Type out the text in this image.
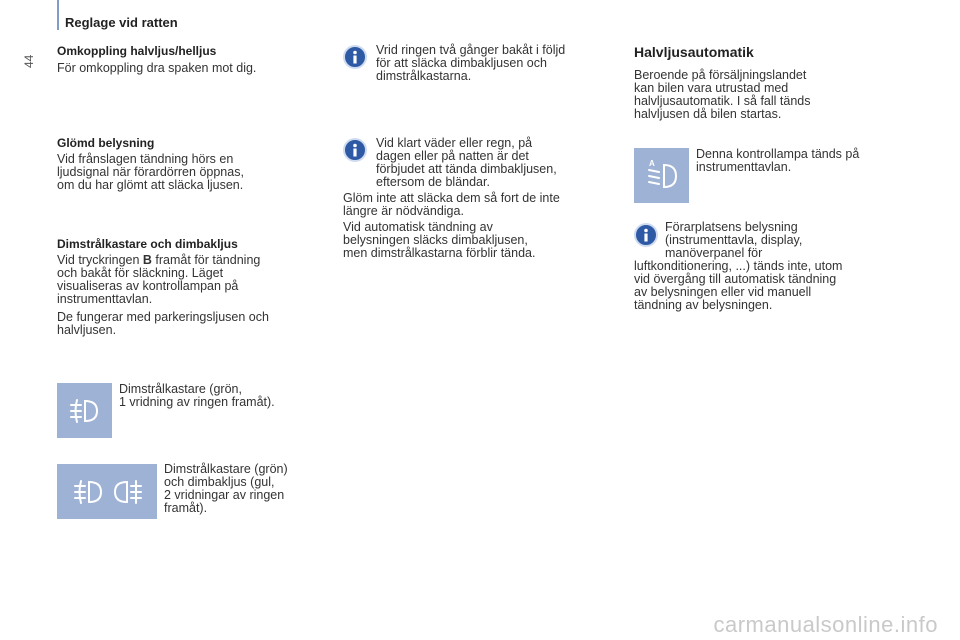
44
Reglage vid ratten
Omkoppling halvljus/helljus
För omkoppling dra spaken mot dig.
Glömd belysning
Vid frånslagen tändning hörs en
ljudsignal när förardörren öppnas,
om du har glömt att släcka ljusen.
Dimstrålkastare och dimbakljus
Vid tryckringen B framåt för tändning
och bakåt för släckning. Läget
visualiseras av kontrollampan på
instrumenttavlan.
De fungerar med parkeringsljusen och
halvljusen.
Dimstrålkastare (grön,
1 vridning av ringen framåt).
Dimstrålkastare (grön)
och dimbakljus (gul,
2 vridningar av ringen
framåt).
Vrid ringen två gånger bakåt i följd
för att släcka dimbakljusen och
dimstrålkastarna.
Vid klart väder eller regn, på
dagen eller på natten är det
förbjudet att tända dimbakljusen,
eftersom de bländar.
Glöm inte att släcka dem så fort de inte
längre är nödvändiga.
Vid automatisk tändning av
belysningen släcks dimbakljusen,
men dimstrålkastarna förblir tända.
Halvljusautomatik
Beroende på försäljningslandet
kan bilen vara utrustad med
halvljusautomatik. I så fall tänds
halvljusen då bilen startas.
A
Denna kontrollampa tänds på
instrumenttavlan.
Förarplatsens belysning
(instrumenttavla, display,
manöverpanel för
luftkonditionering, ...) tänds inte, utom
vid övergång till automatisk tändning
av belysningen eller vid manuell
tändning av belysningen.
carmanualsonline.info
